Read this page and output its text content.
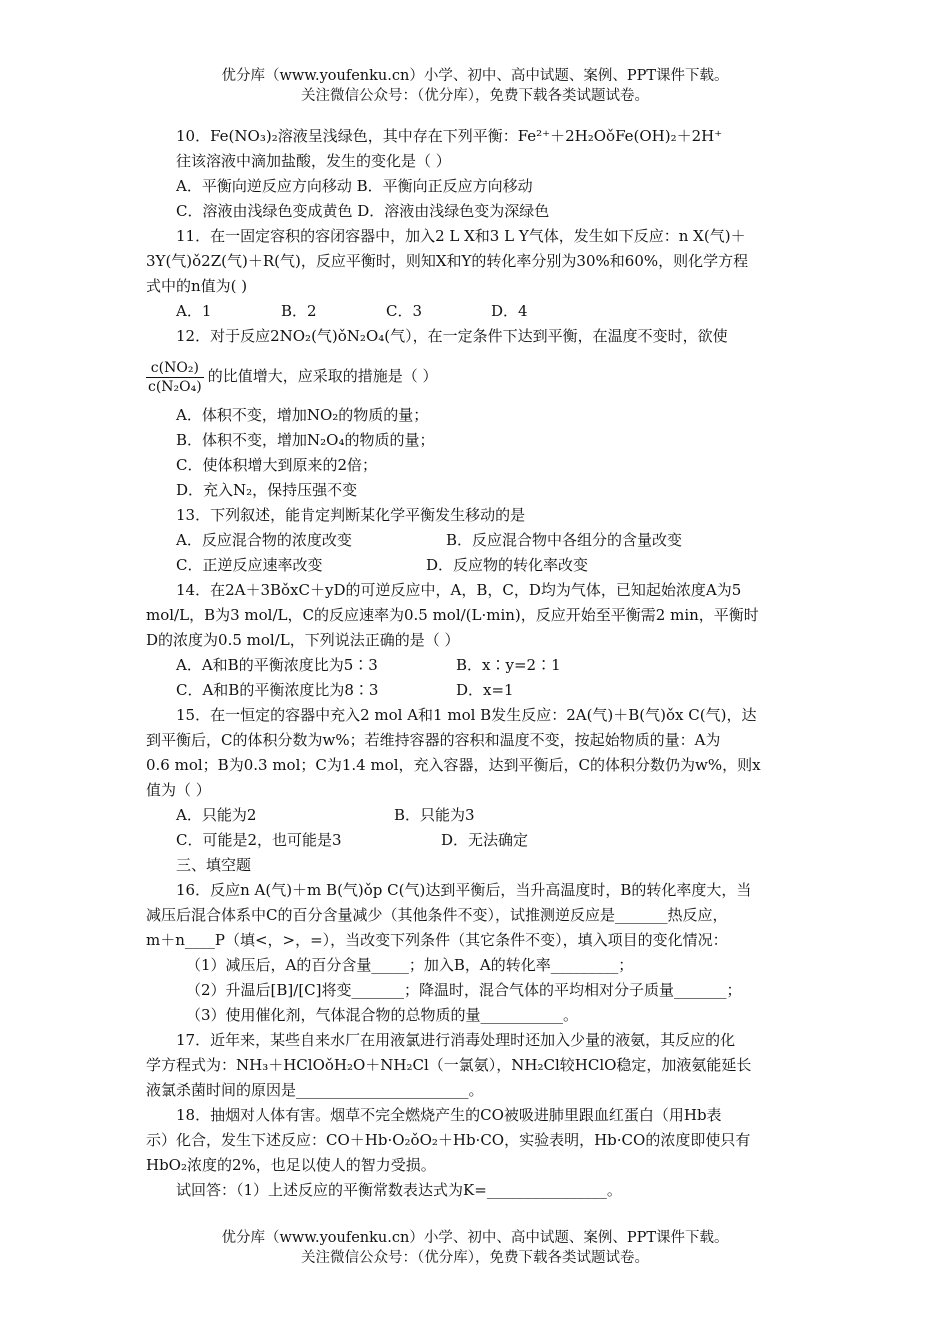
优分库（www.youfenku.cn）小学、初中、高中试题、案例、PPT课件下载。
关注微信公众号：（优分库），免费下载各类试题试卷。
10．Fe(NO₃)₂溶液呈浅绿色，其中存在下列平衡：Fe²⁺＋2H₂OǒFe(OH)₂＋2H⁺
往该溶液中滴加盐酸，发生的变化是（ ）
A．平衡向逆反应方向移动 B．平衡向正反应方向移动
C．溶液由浅绿色变成黄色 D．溶液由浅绿色变为深绿色
11．在一固定容积的容闭容器中，加入2 L X和3 L Y气体，发生如下反应：n X(气)＋
3Y(气)ǒ2Z(气)＋R(气)，反应平衡时，则知X和Y的转化率分别为30%和60%，则化学方程
式中的n值为( )
A．1	B．2	C．3	D．4
12．对于反应2NO₂(气)ǒN₂O₄(气），在一定条件下达到平衡，在温度不变时，欲使
$\frac{\text{c(NO₂)}}{\text{c(N₂O₄)}}$ 的比值增大，应采取的措施是（ ）
A．体积不变，增加NO₂的物质的量；
B．体积不变，增加N₂O₄的物质的量；
C．使体积增大到原来的2倍；
D．充入N₂，保持压强不变
13．下列叙述，能肯定判断某化学平衡发生移动的是
A．反应混合物的浓度改变	B．反应混合物中各组分的含量改变
C．正逆反应速率改变	D．反应物的转化率改变
14．在2A＋3BǒxC＋yD的可逆反应中，A，B，C，D均为气体，已知起始浓度A为5
mol/L，B为3 mol/L，C的反应速率为0.5 mol/(L·min)，反应开始至平衡需2 min，平衡时
D的浓度为0.5 mol/L，下列说法正确的是（ ）
A．A和B的平衡浓度比为5∶3	B．x∶y=2∶1
C．A和B的平衡浓度比为8∶3	D．x=1
15．在一恒定的容器中充入2 mol A和1 mol B发生反应：2A(气)＋B(气)ǒx C(气)，达
到平衡后，C的体积分数为w%；若维持容器的容积和温度不变，按起始物质的量：A为
0.6 mol；B为0.3 mol；C为1.4 mol，充入容器，达到平衡后，C的体积分数仍为w%，则x
值为（ ）
A．只能为2	B．只能为3
C．可能是2，也可能是3	D．无法确定
三、填空题
16．反应n A(气)＋m B(气)ǒp C(气)达到平衡后，当升高温度时，B的转化率度大，当
减压后混合体系中C的百分含量减少（其他条件不变），试推测逆反应是_______热反应，
m＋n____P（填<，>，=），当改变下列条件（其它条件不变），填入项目的变化情况：
（1）减压后，A的百分含量_____；加入B，A的转化率_________；
（2）升温后[B]/[C]将变_______；降温时，混合气体的平均相对分子质量_______；
（3）使用催化剂，气体混合物的总物质的量___________。
17．近年来，某些自来水厂在用液氯进行消毒处理时还加入少量的液氨，其反应的化
学方程式为：NH₃＋HClOǒH₂O＋NH₂Cl（一氯氨），NH₂Cl较HClO稳定，加液氨能延长
液氯杀菌时间的原因是_______________________。
18．抽烟对人体有害。烟草不完全燃烧产生的CO被吸进肺里跟血红蛋白（用Hb表
示）化合，发生下述反应：CO＋Hb·O₂ǒO₂＋Hb·CO，实验表明，Hb·CO的浓度即使只有
HbO₂浓度的2%，也足以使人的智力受损。
试回答：（1）上述反应的平衡常数表达式为K=________________。
优分库（www.youfenku.cn）小学、初中、高中试题、案例、PPT课件下载。
关注微信公众号：（优分库），免费下载各类试题试卷。
